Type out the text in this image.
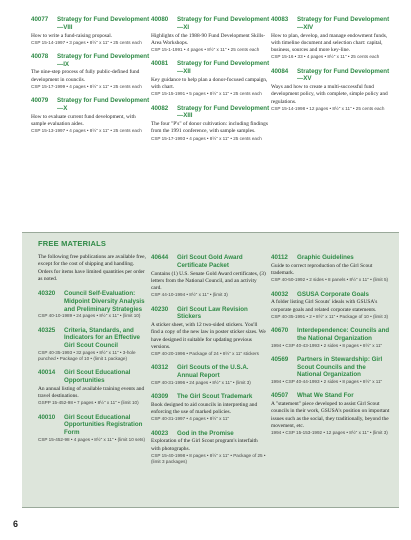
40077	Strategy for Fund Development—VIII
How to write a fund-raising proposal.
CSP 15-14-1997 • 3 pages • 8½" x 11" • 25 cents each
40078	Strategy for Fund Development—IX
The nine-step process of fully public-defined fund development in councils.
CSP 15-17-1999 • 4 pages • 8½" x 11" • 25 cents each
40079	Strategy for Fund Development—X
How to evaluate current fund development, with sample evaluation aides.
CSP 15-13-1997 • 4 pages • 8½" x 11" • 25 cents each
40080	Strategy for Fund Development—XI
Highlights of the 1988-90 Fund Development Skills-Area Workshops.
CSP 15-1-1991 • 4 pages • 8½" x 11" • 25 cents each
40081	Strategy for Fund Development—XII
Key guidance to help plan a donor-focused campaign, with chart.
CSP 15-15-1991 • 5 pages • 8½" x 11" • 25 cents each
40082	Strategy for Fund Development—XIII
The four "P's" of donor cultivation: including findings from the 1991 conference, with sample samples.
CSP 15-17-1993 • 4 pages • 8½" x 11" • 25 cents each
40083	Strategy for Fund Development—XIV
How to plan, develop, and manage endowment funds, with timeline document and selection chart: capital, business, sources and more key-line.
CSP 15-16 • 33 • 4 pages • 8½" x 11" • 25 cents each
40084	Strategy for Fund Development—XV
Ways and how to create a multi-successful fund development policy, with complete, simple policy and regulations.
CSP 15-14-1998 • 12 pages • 8½" x 11" • 25 cents each
FREE MATERIALS
The following free publications are available free, except for the cost of shipping and handling. Orders for items have limited quantities per order as noted.
40320	Council Self-Evaluation: Midpoint Diversity Analysis and Preliminary Strategies
CSP 40-10-1989 • 24 pages • 8½" x 11" • (limit 10)
40325	Criteria, Standards, and Indicators for an Effective Girl Scout Council
CSP 40-35-1993 • 32 pages • 8½" x 11" • 3-hole punched • Package of 10 • (limit 1 package)
40014	Girl Scout Educational Opportunities
An annual listing of available training events and travel destinations.
GSPP 15-452-98 • 7 pages • 8½" x 11" • (limit 10)
40010	Girl Scout Educational Opportunities Registration Form
CSP 15-452-98 • 4 pages • 8½" x 11" • (limit 10 sets)
40644	Girl Scout Gold Award Certificate Packet
Contains (1) U.S. Senate Gold Award certificates, (3) letters from the National Council, and an activity card.
CSP 44-10-1994 • 8½" x 11" • (limit 3)
40230	Girl Scout Law Revision Stickers
A sticker sheet, with 12 two-sided stickers. You'll find a copy of the new law in poster sticker sizes. We have designed it suitable for updating previous versions.
CSP 40-20-1996 • Package of 24 • 8½" x 11" stickers
40312	Girl Scouts of the U.S.A. Annual Report
CSP 40-31-1996 • 24 pages • 8½" x 11" • (limit 3)
40309	The Girl Scout Trademark
Book designed to aid councils in interpreting and enforcing the use of marked policies.
CSP 40-31-1997 • 4 pages • 8½" x 11"
40023	God in the Promise
Exploration of the Girl Scout program's interfaith with photographs.
CSP 15-40-1998 • 8 pages • 8½" x 11" • Package of 25 • (limit 3 packages)
40112	Graphic Guidelines
Guide to correct reproduction of the Girl Scout trademark.
CSP 40-50-1992 • 2 sides • 8 panels • 8½" x 11" • (limit 5)
40032	GSUSA Corporate Goals
A folder listing Girl Scouts' ideals with GSUSA's corporate goals and related corporate statements.
CSP 40-35-1991 • 2 • 8½" x 11" • Package of 10 • (limit 3)
40670	Interdependence: Councils and the National Organization
1994 • CSP 40-43-1993 • 2 sides • 8 pages • 8½" x 11"
40569	Partners in Stewardship: Girl Scout Councils and the National Organization
1994 • CSP 40-44-1993 • 2 sides • 8 pages • 8½" x 11"
40507	What We Stand For
A "statement" piece developed to assist Girl Scout councils in their work, GSUSA's position on important issues such as the social, they traditionally, beyond the movement, etc.
1994 • CSP 15-153-1992 • 12 pages • 8½" x 11" • (limit 3)
6
